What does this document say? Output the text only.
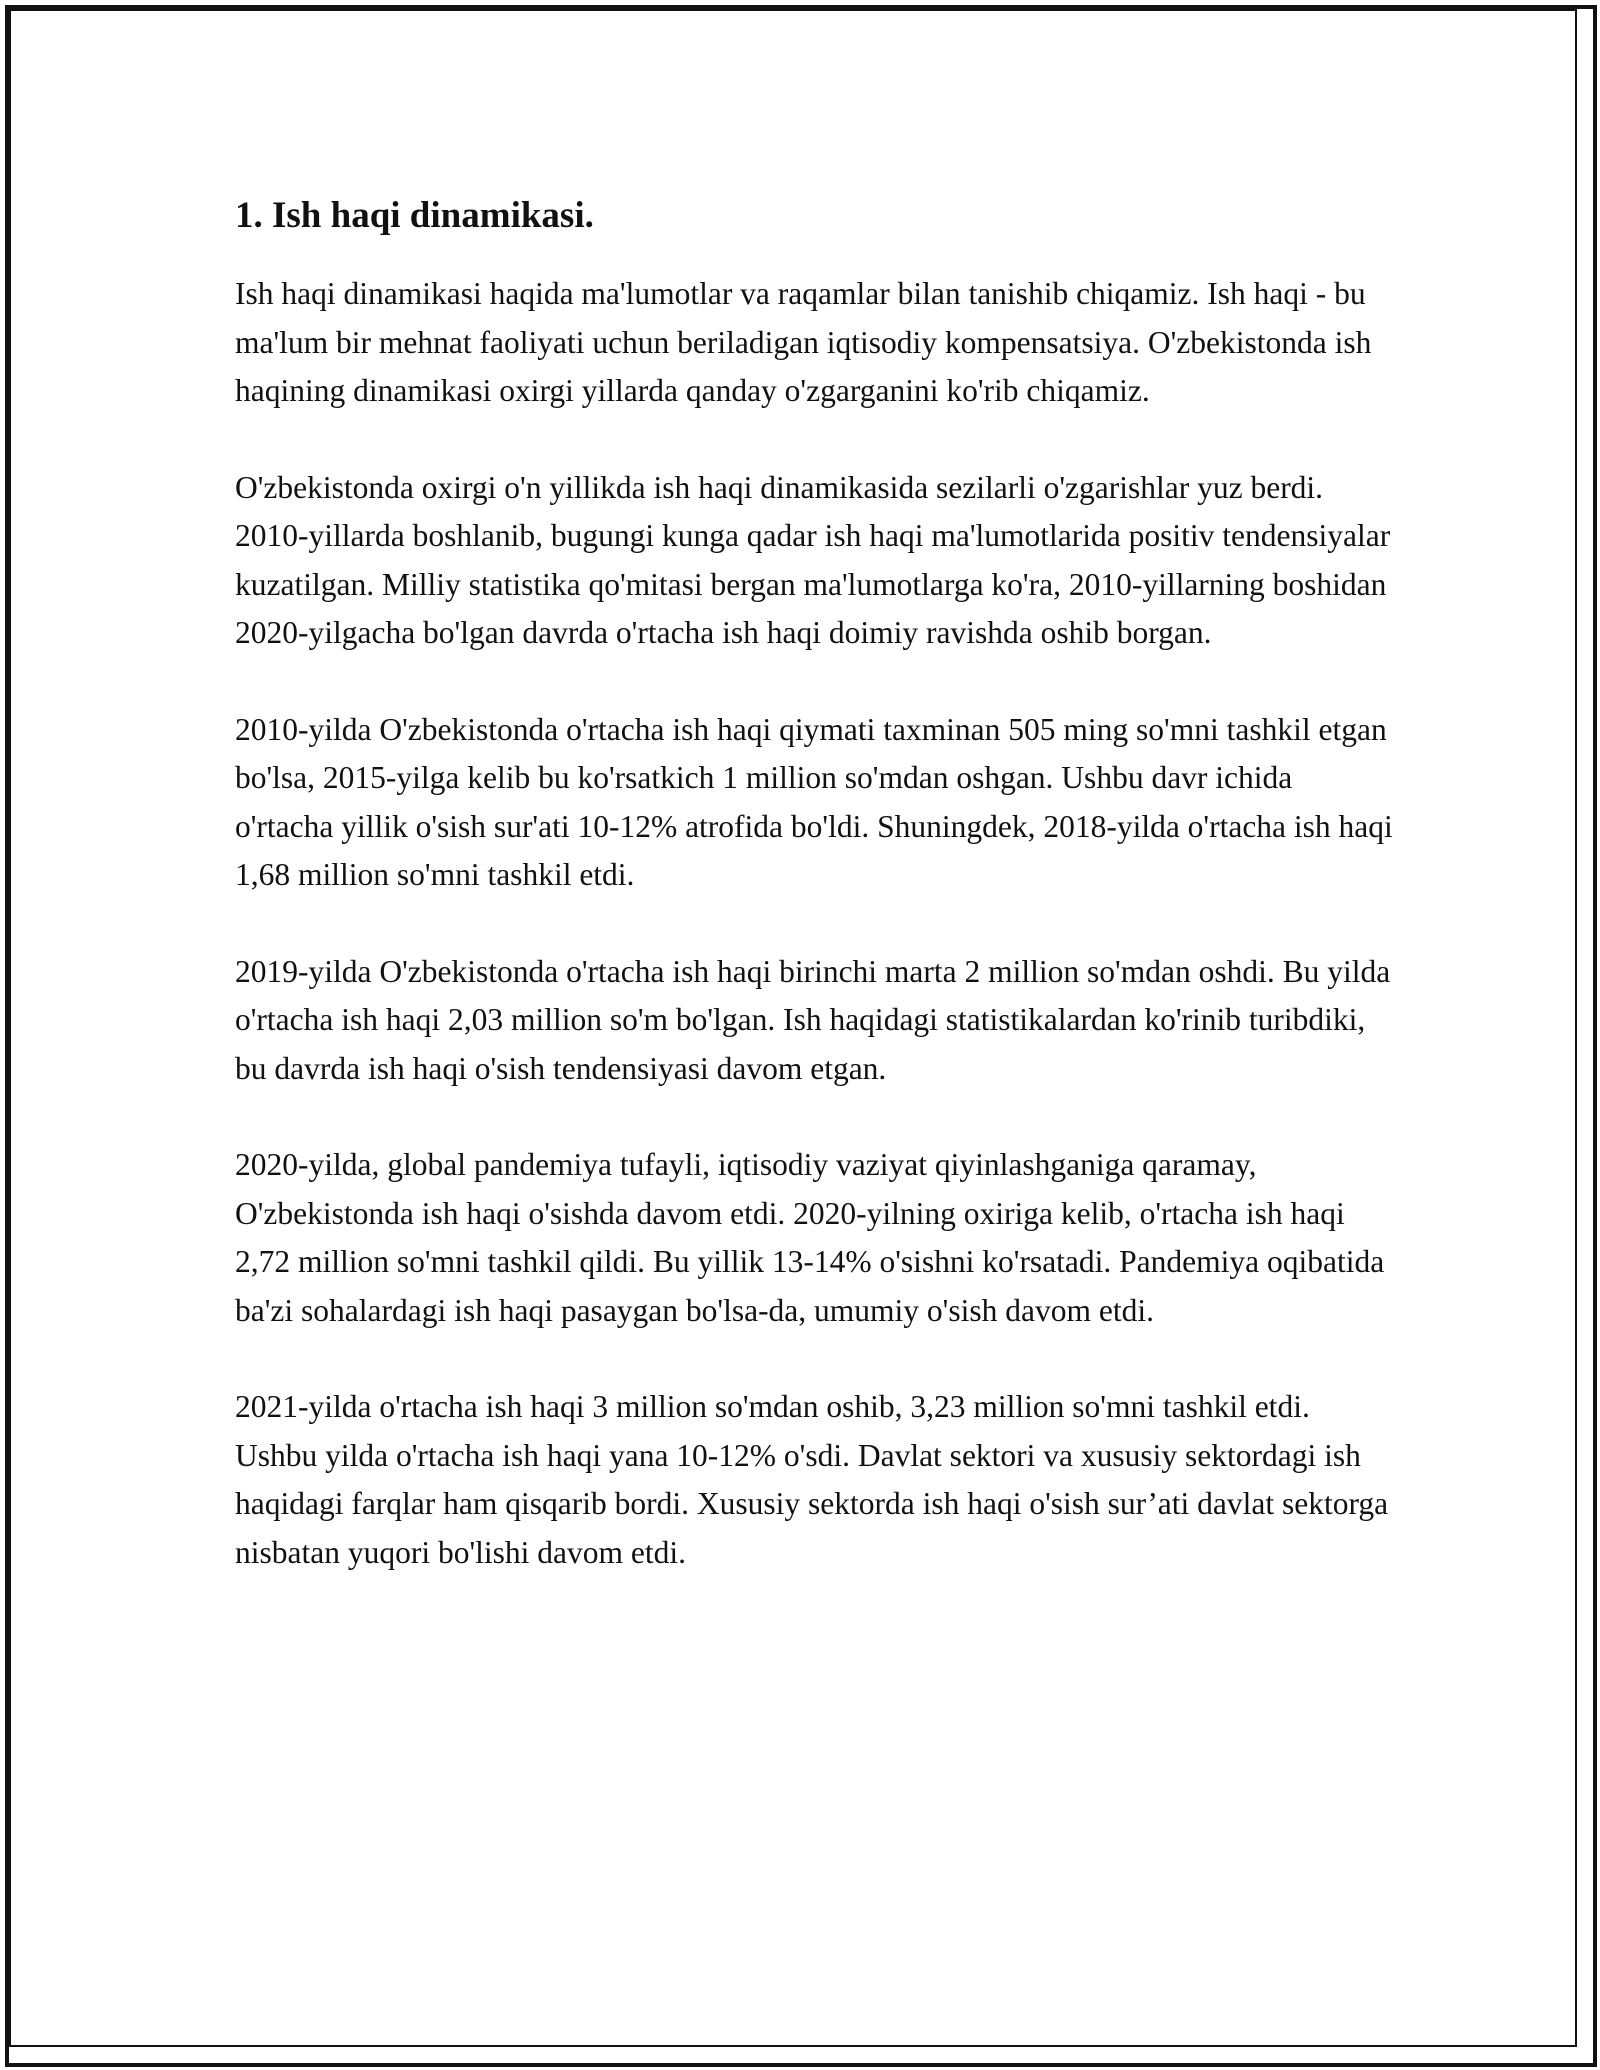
1. Ish haqi dinamikasi.

Ish haqi dinamikasi haqida ma'lumotlar va raqamlar bilan tanishib chiqamiz. Ish haqi - bu ma'lum bir mehnat faoliyati uchun beriladigan iqtisodiy kompensatsiya. O'zbekistonda ish haqining dinamikasi oxirgi yillarda qanday o'zgarganini ko'rib chiqamiz.

O'zbekistonda oxirgi o'n yillikda ish haqi dinamikasida sezilarli o'zgarishlar yuz berdi. 2010-yillarda boshlanib, bugungi kunga qadar ish haqi ma'lumotlarida positiv tendensiyalar kuzatilgan. Milliy statistika qo'mitasi bergan ma'lumotlarga ko'ra, 2010-yillarning boshidan 2020-yilgacha bo'lgan davrda o'rtacha ish haqi doimiy ravishda oshib borgan.

2010-yilda O'zbekistonda o'rtacha ish haqi qiymati taxminan 505 ming so'mni tashkil etgan bo'lsa, 2015-yilga kelib bu ko'rsatkich 1 million so'mdan oshgan. Ushbu davr ichida o'rtacha yillik o'sish sur'ati 10-12% atrofida bo'ldi. Shuningdek, 2018-yilda o'rtacha ish haqi 1,68 million so'mni tashkil etdi.

2019-yilda O'zbekistonda o'rtacha ish haqi birinchi marta 2 million so'mdan oshdi. Bu yilda o'rtacha ish haqi 2,03 million so'm bo'lgan. Ish haqidagi statistikalardan ko'rinib turibdiki, bu davrda ish haqi o'sish tendensiyasi davom etgan.

2020-yilda, global pandemiya tufayli, iqtisodiy vaziyat qiyinlashganiga qaramay, O'zbekistonda ish haqi o'sishda davom etdi. 2020-yilning oxiriga kelib, o'rtacha ish haqi 2,72 million so'mni tashkil qildi. Bu yillik 13-14% o'sishni ko'rsatadi. Pandemiya oqibatida ba'zi sohalardagi ish haqi pasaygan bo'lsa-da, umumiy o'sish davom etdi.

2021-yilda o'rtacha ish haqi 3 million so'mdan oshib, 3,23 million so'mni tashkil etdi. Ushbu yilda o'rtacha ish haqi yana 10-12% o'sdi. Davlat sektori va xususiy sektordagi ish haqidagi farqlar ham qisqarib bordi. Xususiy sektorda ish haqi o'sish sur’ati davlat sektorga nisbatan yuqori bo'lishi davom etdi.
